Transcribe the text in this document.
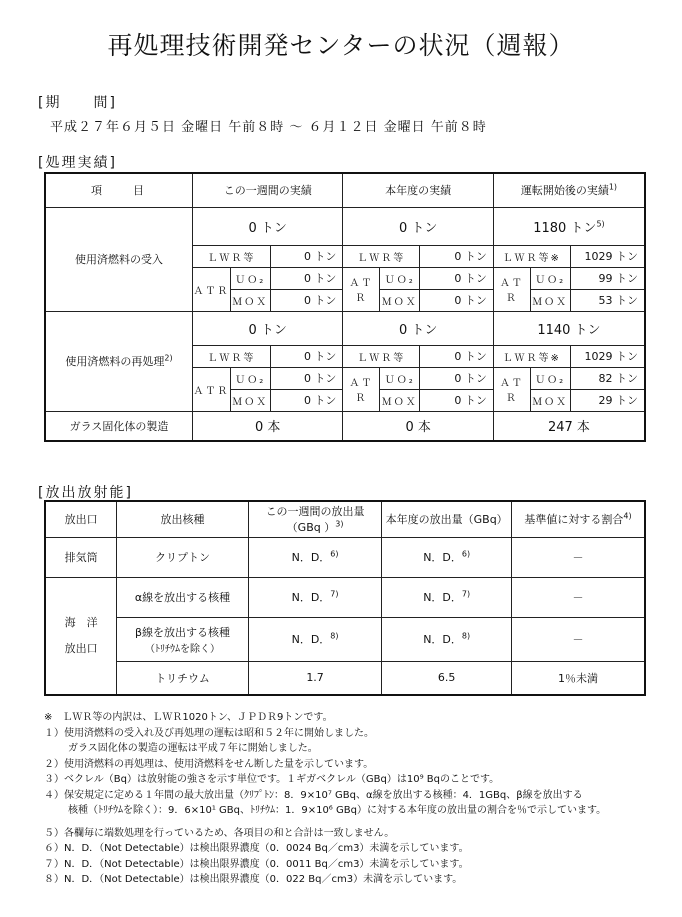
再処理技術開発センターの状況（週報）
[期　　間]
平成２７年６月５日 金曜日 午前８時 ～ ６月１２日 金曜日 午前８時
[処理実績]
項　　目	この一週間の実績			本年度の実績			運転開始後の実績$^{1)}$
使用済燃料の受入	0 トン			0 トン			1180 トン$^{5)}$
	ＬＷＲ等		0 トン	ＬＷＲ等		0 トン	ＬＷＲ等※		1029 トン
	ＡＴＲ	ＵＯ₂	0 トン	ＡＴＲ	ＵＯ₂	0 トン	ＡＴＲ	ＵＯ₂	99 トン
		ＭＯＸ	0 トン		ＭＯＸ	0 トン		ＭＯＸ	53 トン
使用済燃料の再処理$^{2)}$	0 トン			0 トン			1140 トン		
	ＬＷＲ等		0 トン	ＬＷＲ等		0 トン	ＬＷＲ等※		1029 トン
	ＡＴＲ	ＵＯ₂	0 トン	ＡＴＲ	ＵＯ₂	0 トン	ＡＴＲ	ＵＯ₂	82 トン
		ＭＯＸ	0 トン		ＭＯＸ	0 トン		ＭＯＸ	29 トン
ガラス固化体の製造	0 本			0 本			247 本		
[放出放射能]
放出口	放出核種	この一週間の放出量（GBq ）$^{3)}$	本年度の放出量（GBq）	基準値に対する割合$^{4)}$
排気筒	クリプトン	N．D．$^{6)}$	N．D．$^{6)}$	－

海　洋
放出口	α線を放出する核種	N．D．$^{7)}$	N．D．$^{7)}$	－

	β線を放出する核種
（ﾄﾘﾁｳﾑを除く）	N．D．$^{8)}$	N．D．$^{8)}$	－
	トリチウム	1.7	6.5	1％未満
※　ＬＷＲ等の内訳は、ＬＷＲ1020トン、ＪＰＤＲ9トンです。
１）使用済燃料の受入れ及び再処理の運転は昭和５２年に開始しました。
ガラス固化体の製造の運転は平成７年に開始しました。
２）使用済燃料の再処理は、使用済燃料をせん断した量を示しています。
３）ベクレル（Bq）は放射能の強さを示す単位です。１ギガベクレル（GBq）は10⁹ Bqのことです。
４）保安規定に定める１年間の最大放出量（ｸﾘﾌﾟﾄﾝ：8．9×10⁷ GBq、α線を放出する核種：4．1GBq、β線を放出する
核種（ﾄﾘﾁｳﾑを除く）：9．6×10¹ GBq、ﾄﾘﾁｳﾑ：1．9×10⁶ GBq）に対する本年度の放出量の割合を％で示しています。
５）各欄毎に端数処理を行っているため、各項目の和と合計は一致しません。
６）N．D．（Not Detectable）は検出限界濃度（0．0024 Bq／cm3）未満を示しています。
７）N．D．（Not Detectable）は検出限界濃度（0．0011 Bq／cm3）未満を示しています。
８）N．D．（Not Detectable）は検出限界濃度（0．022 Bq／cm3）未満を示しています。
